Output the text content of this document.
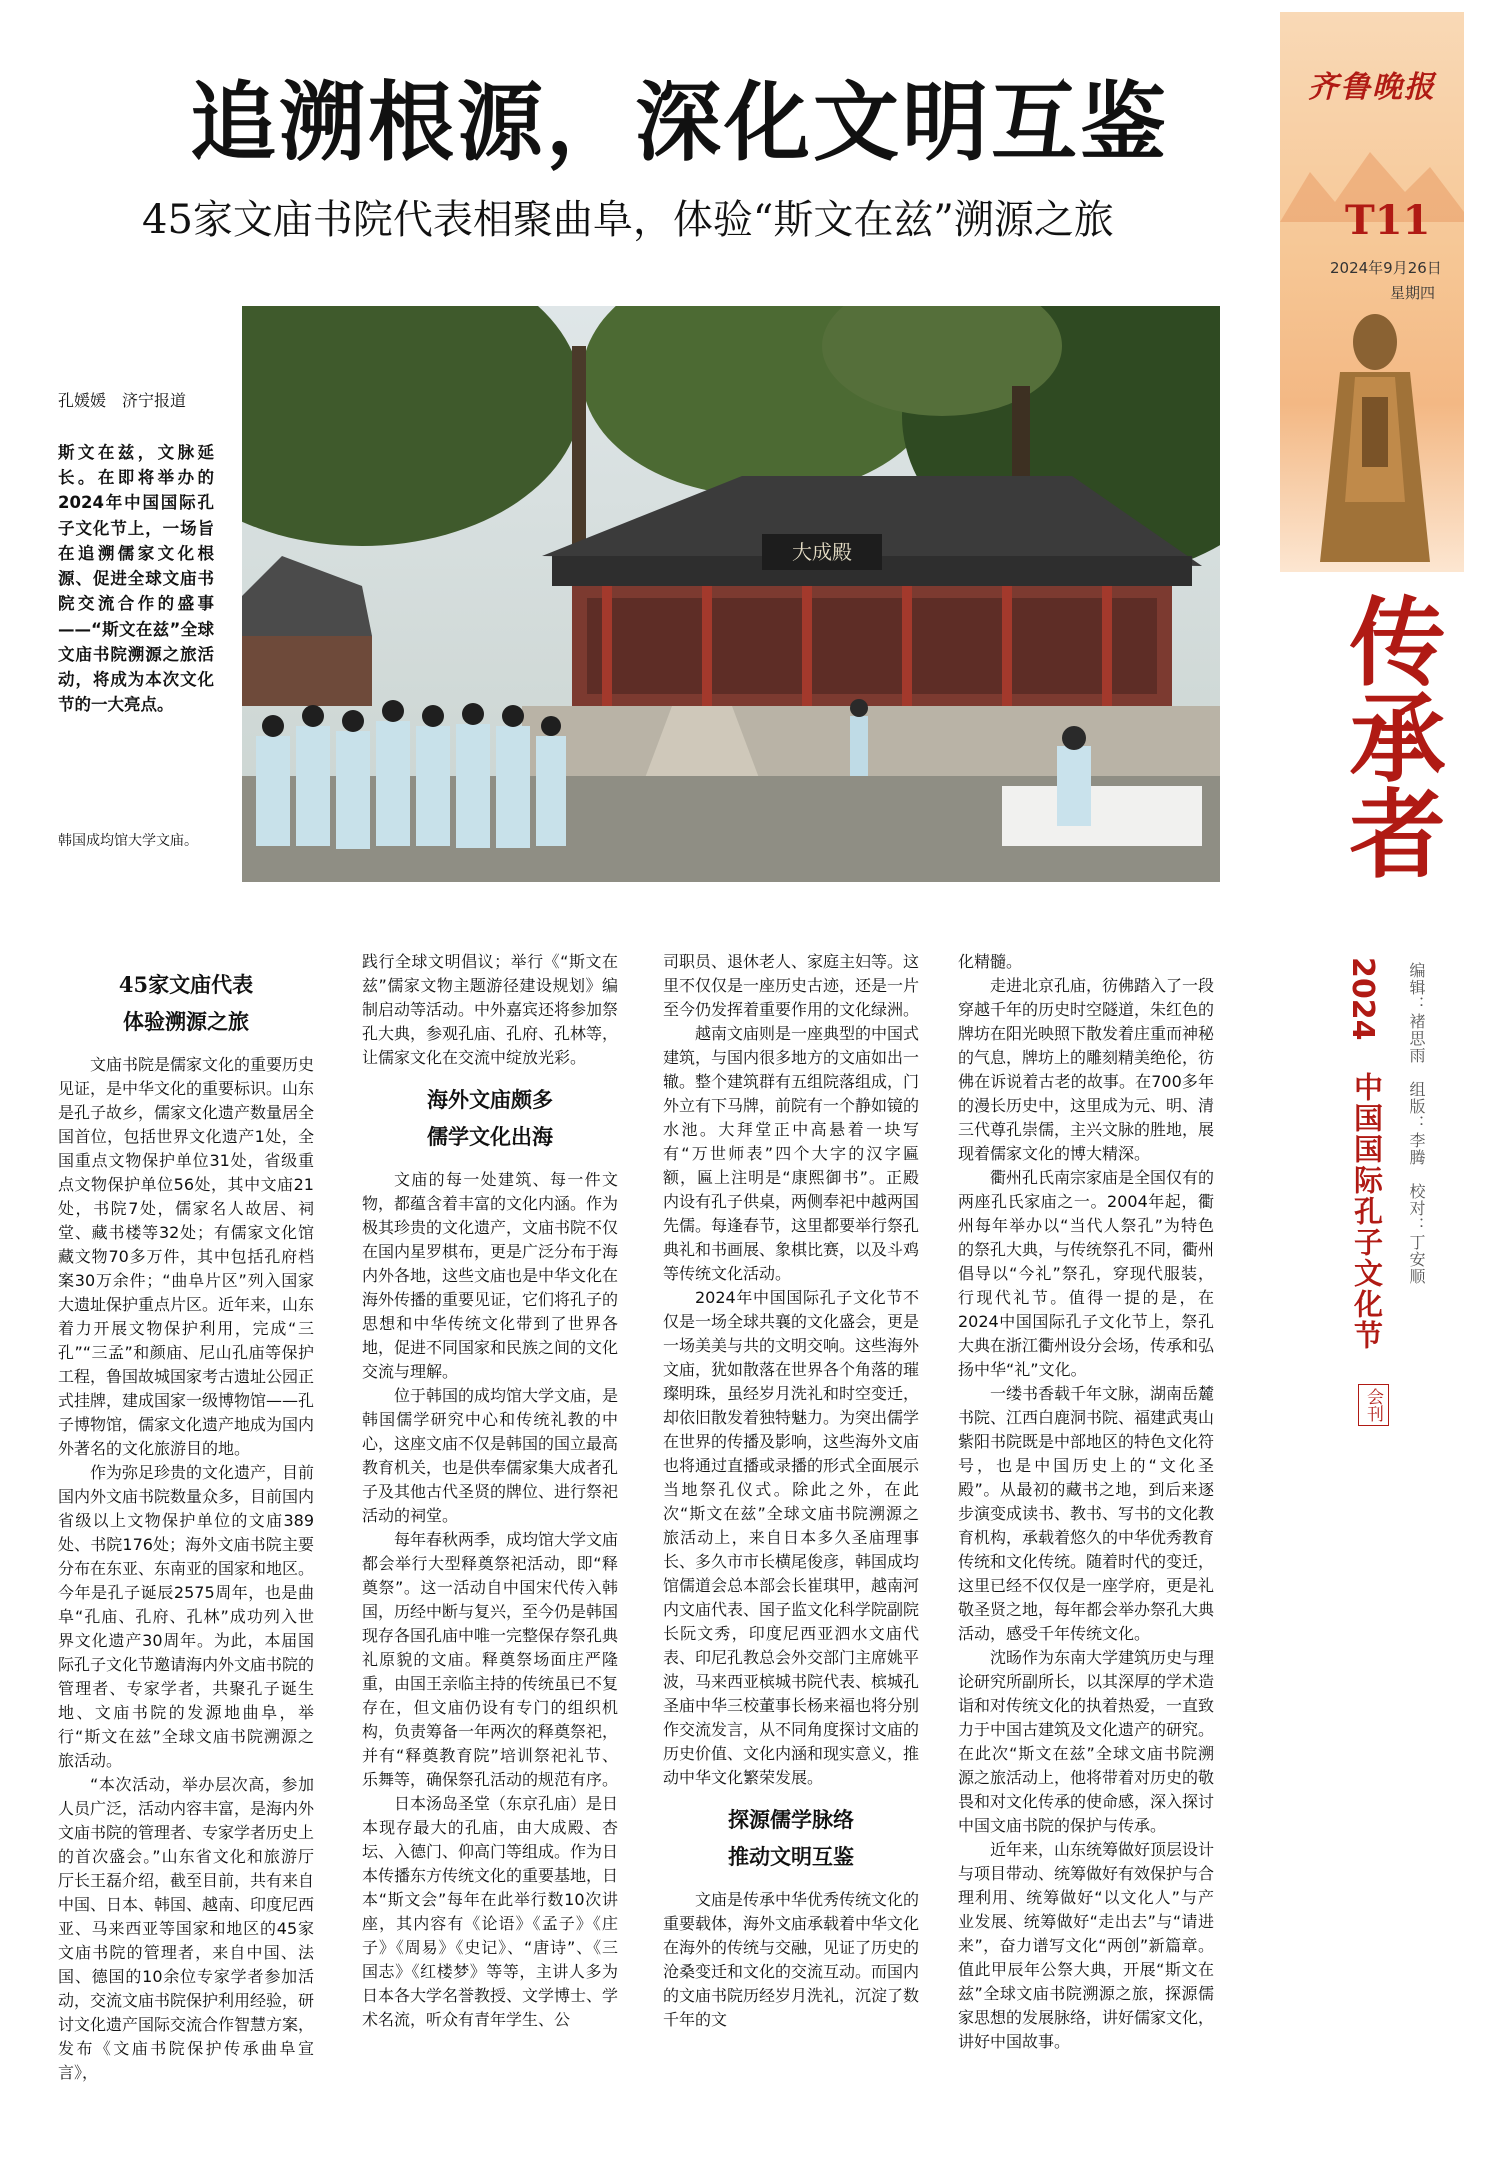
追溯根源，深化文明互鉴
45家文庙书院代表相聚曲阜，体验“斯文在兹”溯源之旅
孔媛媛　济宁报道
斯文在兹，文脉延长。在即将举办的2024年中国国际孔子文化节上，一场旨在追溯儒家文化根源、促进全球文庙书院交流合作的盛事——“斯文在兹”全球文庙书院溯源之旅活动，将成为本次文化节的一大亮点。
韩国成均馆大学文庙。
大成殿
45家文庙代表
体验溯源之旅

文庙书院是儒家文化的重要历史见证，是中华文化的重要标识。山东是孔子故乡，儒家文化遗产数量居全国首位，包括世界文化遗产1处，全国重点文物保护单位31处，省级重点文物保护单位56处，其中文庙21处，书院7处，儒家名人故居、祠堂、藏书楼等32处；有儒家文化馆藏文物70多万件，其中包括孔府档案30万余件；“曲阜片区”列入国家大遗址保护重点片区。近年来，山东着力开展文物保护利用，完成“三孔”“三孟”和颜庙、尼山孔庙等保护工程，鲁国故城国家考古遗址公园正式挂牌，建成国家一级博物馆——孔子博物馆，儒家文化遗产地成为国内外著名的文化旅游目的地。

作为弥足珍贵的文化遗产，目前国内外文庙书院数量众多，目前国内省级以上文物保护单位的文庙389处、书院176处；海外文庙书院主要分布在东亚、东南亚的国家和地区。今年是孔子诞辰2575周年，也是曲阜“孔庙、孔府、孔林”成功列入世界文化遗产30周年。为此，本届国际孔子文化节邀请海内外文庙书院的管理者、专家学者，共聚孔子诞生地、文庙书院的发源地曲阜，举行“斯文在兹”全球文庙书院溯源之旅活动。

“本次活动，举办层次高，参加人员广泛，活动内容丰富，是海内外文庙书院的管理者、专家学者历史上的首次盛会。”山东省文化和旅游厅厅长王磊介绍，截至目前，共有来自中国、日本、韩国、越南、印度尼西亚、马来西亚等国家和地区的45家文庙书院的管理者，来自中国、法国、德国的10余位专家学者参加活动，交流文庙书院保护利用经验，研讨文化遗产国际交流合作智慧方案，发布《文庙书院保护传承曲阜宣言》，

践行全球文明倡议；举行《“斯文在兹”儒家文物主题游径建设规划》编制启动等活动。中外嘉宾还将参加祭孔大典，参观孔庙、孔府、孔林等，让儒家文化在交流中绽放光彩。

海外文庙颇多
儒学文化出海

文庙的每一处建筑、每一件文物，都蕴含着丰富的文化内涵。作为极其珍贵的文化遗产，文庙书院不仅在国内星罗棋布，更是广泛分布于海内外各地，这些文庙也是中华文化在海外传播的重要见证，它们将孔子的思想和中华传统文化带到了世界各地，促进不同国家和民族之间的文化交流与理解。

位于韩国的成均馆大学文庙，是韩国儒学研究中心和传统礼教的中心，这座文庙不仅是韩国的国立最高教育机关，也是供奉儒家集大成者孔子及其他古代圣贤的牌位、进行祭祀活动的祠堂。

每年春秋两季，成均馆大学文庙都会举行大型释奠祭祀活动，即“释奠祭”。这一活动自中国宋代传入韩国，历经中断与复兴，至今仍是韩国现存各国孔庙中唯一完整保存祭孔典礼原貌的文庙。释奠祭场面庄严隆重，由国王亲临主持的传统虽已不复存在，但文庙仍设有专门的组织机构，负责筹备一年两次的释奠祭祀，并有“释奠教育院”培训祭祀礼节、乐舞等，确保祭孔活动的规范有序。

日本汤岛圣堂（东京孔庙）是日本现存最大的孔庙，由大成殿、杏坛、入德门、仰高门等组成。作为日本传播东方传统文化的重要基地，日本“斯文会”每年在此举行数10次讲座，其内容有《论语》《孟子》《庄子》《周易》《史记》、“唐诗”、《三国志》《红楼梦》等等，主讲人多为日本各大学名誉教授、文学博士、学术名流，听众有青年学生、公

司职员、退休老人、家庭主妇等。这里不仅仅是一座历史古迹，还是一片至今仍发挥着重要作用的文化绿洲。

越南文庙则是一座典型的中国式建筑，与国内很多地方的文庙如出一辙。整个建筑群有五组院落组成，门外立有下马牌，前院有一个静如镜的水池。大拜堂正中高悬着一块写有“万世师表”四个大字的汉字匾额，匾上注明是“康熙御书”。正殿内设有孔子供桌，两侧奉祀中越两国先儒。每逢春节，这里都要举行祭孔典礼和书画展、象棋比赛，以及斗鸡等传统文化活动。

2024年中国国际孔子文化节不仅是一场全球共襄的文化盛会，更是一场美美与共的文明交响。这些海外文庙，犹如散落在世界各个角落的璀璨明珠，虽经岁月洗礼和时空变迁，却依旧散发着独特魅力。为突出儒学在世界的传播及影响，这些海外文庙也将通过直播或录播的形式全面展示当地祭孔仪式。除此之外，在此次“斯文在兹”全球文庙书院溯源之旅活动上，来自日本多久圣庙理事长、多久市市长横尾俊彦，韩国成均馆儒道会总本部会长崔琪甲，越南河内文庙代表、国子监文化科学院副院长阮文秀，印度尼西亚泗水文庙代表、印尼孔教总会外交部门主席姚平波，马来西亚槟城书院代表、槟城孔圣庙中华三校董事长杨来福也将分别作交流发言，从不同角度探讨文庙的历史价值、文化内涵和现实意义，推动中华文化繁荣发展。

探源儒学脉络
推动文明互鉴

文庙是传承中华优秀传统文化的重要载体，海外文庙承载着中华文化在海外的传统与交融，见证了历史的沧桑变迁和文化的交流互动。而国内的文庙书院历经岁月洗礼，沉淀了数千年的文

化精髓。

走进北京孔庙，彷佛踏入了一段穿越千年的历史时空隧道，朱红色的牌坊在阳光映照下散发着庄重而神秘的气息，牌坊上的雕刻精美绝伦，彷佛在诉说着古老的故事。在700多年的漫长历史中，这里成为元、明、清三代尊孔崇儒，主兴文脉的胜地，展现着儒家文化的博大精深。

衢州孔氏南宗家庙是全国仅有的两座孔氏家庙之一。2004年起，衢州每年举办以“当代人祭孔”为特色的祭孔大典，与传统祭孔不同，衢州倡导以“今礼”祭孔，穿现代服装，行现代礼节。值得一提的是，在2024中国国际孔子文化节上，祭孔大典在浙江衢州设分会场，传承和弘扬中华“礼”文化。

一缕书香载千年文脉，湖南岳麓书院、江西白鹿洞书院、福建武夷山紫阳书院既是中部地区的特色文化符号，也是中国历史上的“文化圣殿”。从最初的藏书之地，到后来逐步演变成读书、教书、写书的文化教育机构，承载着悠久的中华优秀教育传统和文化传统。随着时代的变迁，这里已经不仅仅是一座学府，更是礼敬圣贤之地，每年都会举办祭孔大典活动，感受千年传统文化。

沈旸作为东南大学建筑历史与理论研究所副所长，以其深厚的学术造诣和对传统文化的执着热爱，一直致力于中国古建筑及文化遗产的研究。在此次“斯文在兹”全球文庙书院溯源之旅活动上，他将带着对历史的敬畏和对文化传承的使命感，深入探讨中国文庙书院的保护与传承。

近年来，山东统筹做好顶层设计与项目带动、统筹做好有效保护与合理利用、统筹做好“以文化人”与产业发展、统筹做好“走出去”与“请进来”，奋力谱写文化“两创”新篇章。值此甲辰年公祭大典，开展“斯文在兹”全球文庙书院溯源之旅，探源儒家思想的发展脉络，讲好儒家文化，讲好中国故事。

齐鲁晚报
T11
2024年9月26日
星期四
传承者
2024
中国国际孔子文化节
会刊
编辑：褚思雨　组版：李腾　校对：丁安顺
